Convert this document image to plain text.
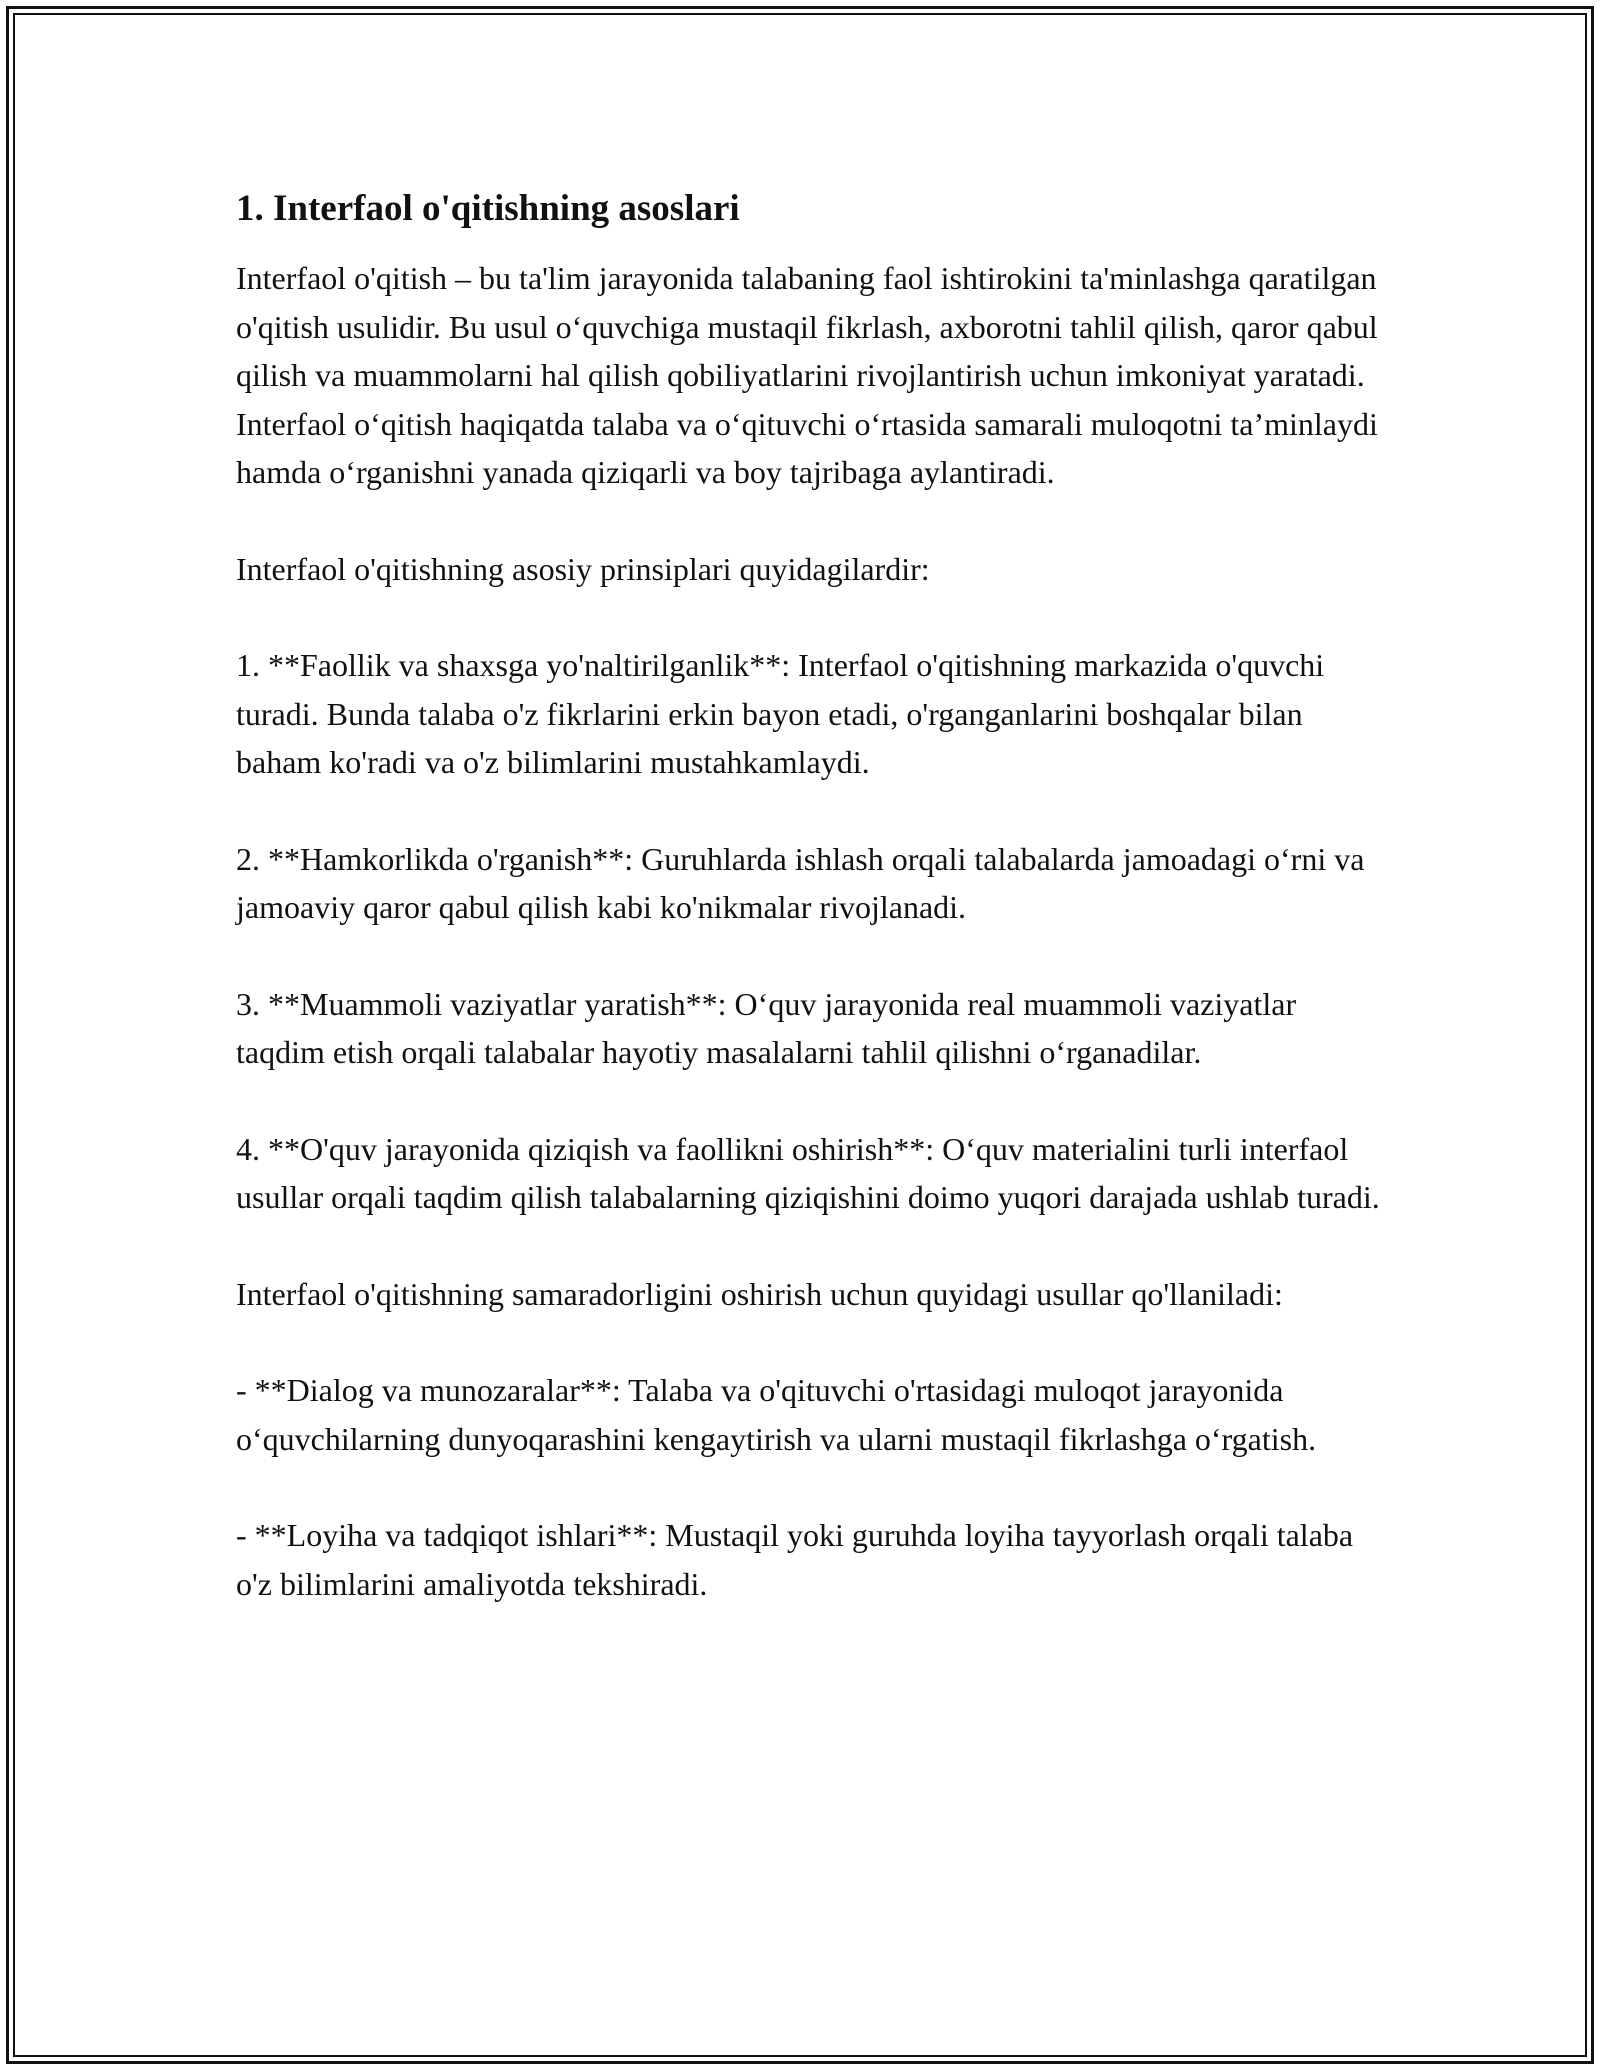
1. Interfaol o'qitishning asoslari

Interfaol o'qitish – bu ta'lim jarayonida talabaning faol ishtirokini ta'minlashga qaratilgan o'qitish usulidir. Bu usul o‘quvchiga mustaqil fikrlash, axborotni tahlil qilish, qaror qabul qilish va muammolarni hal qilish qobiliyatlarini rivojlantirish uchun imkoniyat yaratadi. Interfaol o‘qitish haqiqatda talaba va o‘qituvchi o‘rtasida samarali muloqotni ta’minlaydi hamda o‘rganishni yanada qiziqarli va boy tajribaga aylantiradi.

Interfaol o'qitishning asosiy prinsiplari quyidagilardir:

1. **Faollik va shaxsga yo'naltirilganlik**: Interfaol o'qitishning markazida o'quvchi turadi. Bunda talaba o'z fikrlarini erkin bayon etadi, o'rganganlarini boshqalar bilan baham ko'radi va o'z bilimlarini mustahkamlaydi.

2. **Hamkorlikda o'rganish**: Guruhlarda ishlash orqali talabalarda jamoadagi o‘rni va jamoaviy qaror qabul qilish kabi ko'nikmalar rivojlanadi.

3. **Muammoli vaziyatlar yaratish**: O‘quv jarayonida real muammoli vaziyatlar taqdim etish orqali talabalar hayotiy masalalarni tahlil qilishni o‘rganadilar.

4. **O'quv jarayonida qiziqish va faollikni oshirish**: O‘quv materialini turli interfaol usullar orqali taqdim qilish talabalarning qiziqishini doimo yuqori darajada ushlab turadi.

Interfaol o'qitishning samaradorligini oshirish uchun quyidagi usullar qo'llaniladi:

- **Dialog va munozaralar**: Talaba va o'qituvchi o'rtasidagi muloqot jarayonida o‘quvchilarning dunyoqarashini kengaytirish va ularni mustaqil fikrlashga o‘rgatish.

- **Loyiha va tadqiqot ishlari**: Mustaqil yoki guruhda loyiha tayyorlash orqali talaba o'z bilimlarini amaliyotda tekshiradi.
